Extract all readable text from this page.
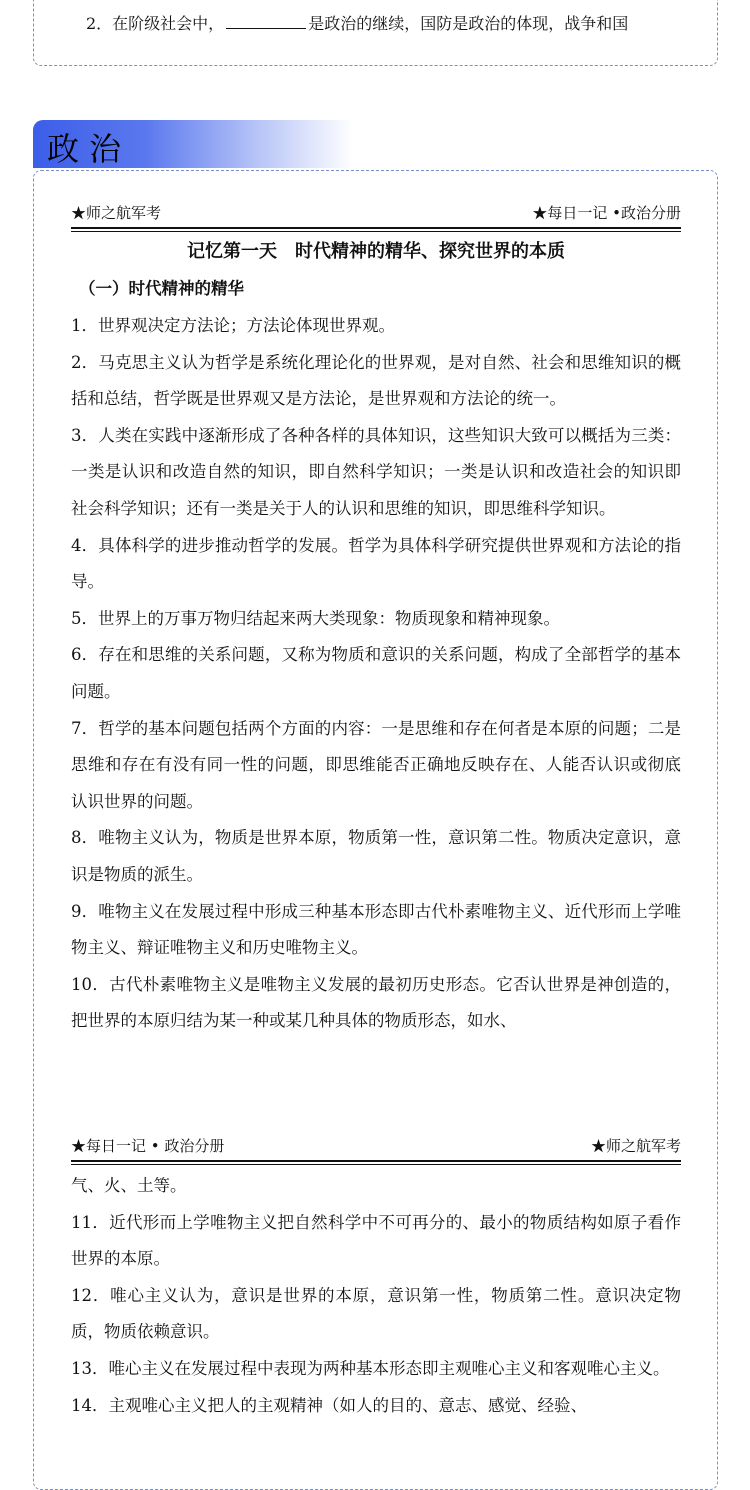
2．在阶级社会中，	是政治的继续，国防是政治的体现，战争和国
政治
★师之航军考	★每日一记 •政治分册
记忆第一天　时代精神的精华、探究世界的本质
（一）时代精神的精华

1．世界观决定方法论；方法论体现世界观。

2．马克思主义认为哲学是系统化理论化的世界观，是对自然、社会和思维知识的概括和总结，哲学既是世界观又是方法论，是世界观和方法论的统一。

3．人类在实践中逐渐形成了各种各样的具体知识，这些知识大致可以概括为三类：一类是认识和改造自然的知识，即自然科学知识；一类是认识和改造社会的知识即社会科学知识；还有一类是关于人的认识和思维的知识，即思维科学知识。

4．具体科学的进步推动哲学的发展。哲学为具体科学研究提供世界观和方法论的指导。

5．世界上的万事万物归结起来两大类现象：物质现象和精神现象。

6．存在和思维的关系问题，又称为物质和意识的关系问题，构成了全部哲学的基本问题。

7．哲学的基本问题包括两个方面的内容：一是思维和存在何者是本原的问题；二是思维和存在有没有同一性的问题，即思维能否正确地反映存在、人能否认识或彻底认识世界的问题。

8．唯物主义认为，物质是世界本原，物质第一性，意识第二性。物质决定意识，意识是物质的派生。

9．唯物主义在发展过程中形成三种基本形态即古代朴素唯物主义、近代形而上学唯物主义、辩证唯物主义和历史唯物主义。

10．古代朴素唯物主义是唯物主义发展的最初历史形态。它否认世界是神创造的，把世界的本原归结为某一种或某几种具体的物质形态，如水、

★每日一记 • 政治分册	★师之航军考

气、火、土等。

11．近代形而上学唯物主义把自然科学中不可再分的、最小的物质结构如原子看作世界的本原。

12．唯心主义认为，意识是世界的本原，意识第一性，物质第二性。意识决定物质，物质依赖意识。

13．唯心主义在发展过程中表现为两种基本形态即主观唯心主义和客观唯心主义。

14．主观唯心主义把人的主观精神（如人的目的、意志、感觉、经验、
